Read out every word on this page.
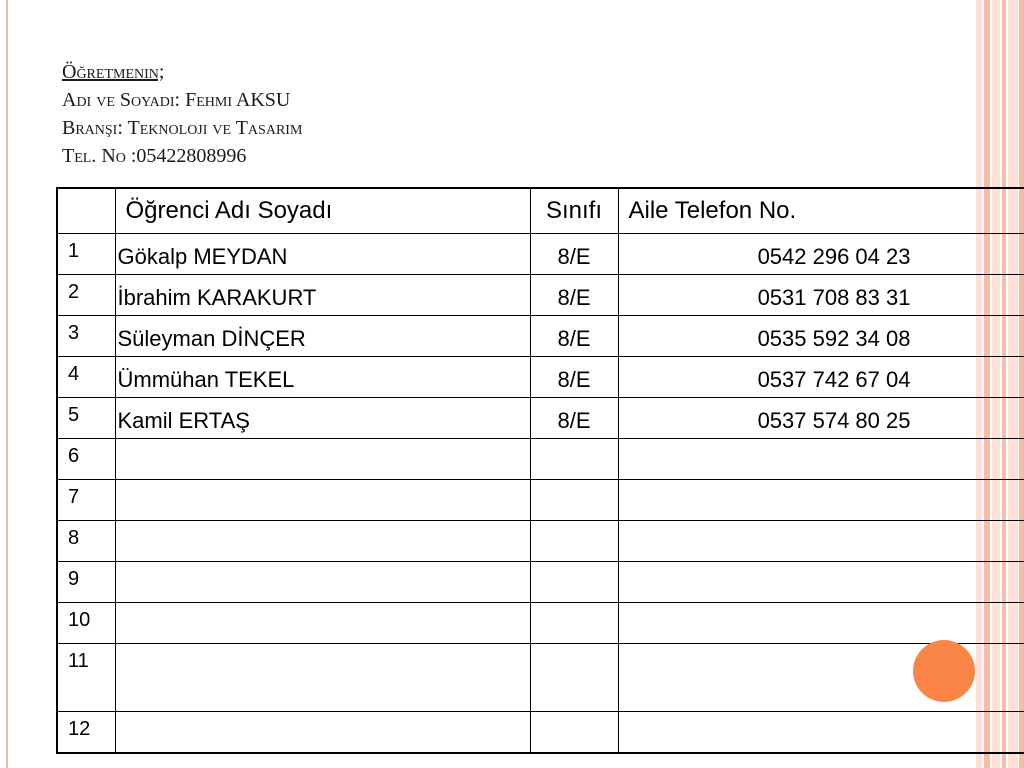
Öğretmenin;
Adı ve Soyadı: Fehmi AKSU
Branşı: Teknoloji ve Tasarım
Tel. No :05422808996
	Öğrenci Adı Soyadı	Sınıfı	Aile Telefon No.
1	Gökalp MEYDAN	8/E	0542 296 04 23
2	İbrahim KARAKURT	8/E	0531 708 83 31
3	Süleyman DİNÇER	8/E	0535 592 34 08
4	Ümmühan TEKEL	8/E	0537 742 67 04
5	Kamil ERTAŞ	8/E	0537 574 80 25
6			
7			
8			
9			
10			
11			
12			
